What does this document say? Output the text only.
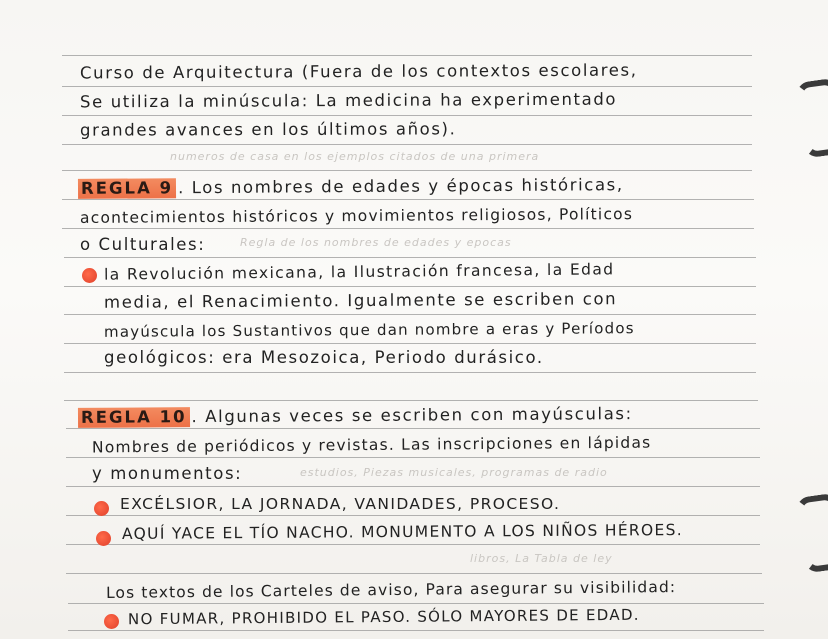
numeros de casa en los ejemplos citados de una primera
Regla de los nombres de edades y epocas
estudios, Piezas musicales, programas de radio
libros, La Tabla de ley
Curso de Arquitectura (Fuera de los contextos escolares,
Se utiliza la minúscula: La medicina ha experimentado
grandes avances en los últimos años).
REGLA 9 . Los nombres de edades y épocas históricas,
acontecimientos históricos y movimientos religiosos, Políticos
o Culturales:
la Revolución mexicana, la Ilustración francesa, la Edad
media, el Renacimiento. Igualmente se escriben con
mayúscula los Sustantivos que dan nombre a eras y Períodos
geológicos: era Mesozoica, Periodo durásico.
REGLA 10 . Algunas veces se escriben con mayúsculas:
Nombres de periódicos y revistas. Las inscripciones en lápidas
y monumentos:
EXCÉLSIOR, LA JORNADA, VANIDADES, PROCESO.
AQUÍ YACE EL TÍO NACHO. MONUMENTO A LOS NIÑOS HÉROES.
Los textos de los Carteles de aviso, Para asegurar su visibilidad:
NO FUMAR, PROHIBIDO EL PASO. SÓLO MAYORES DE EDAD.
